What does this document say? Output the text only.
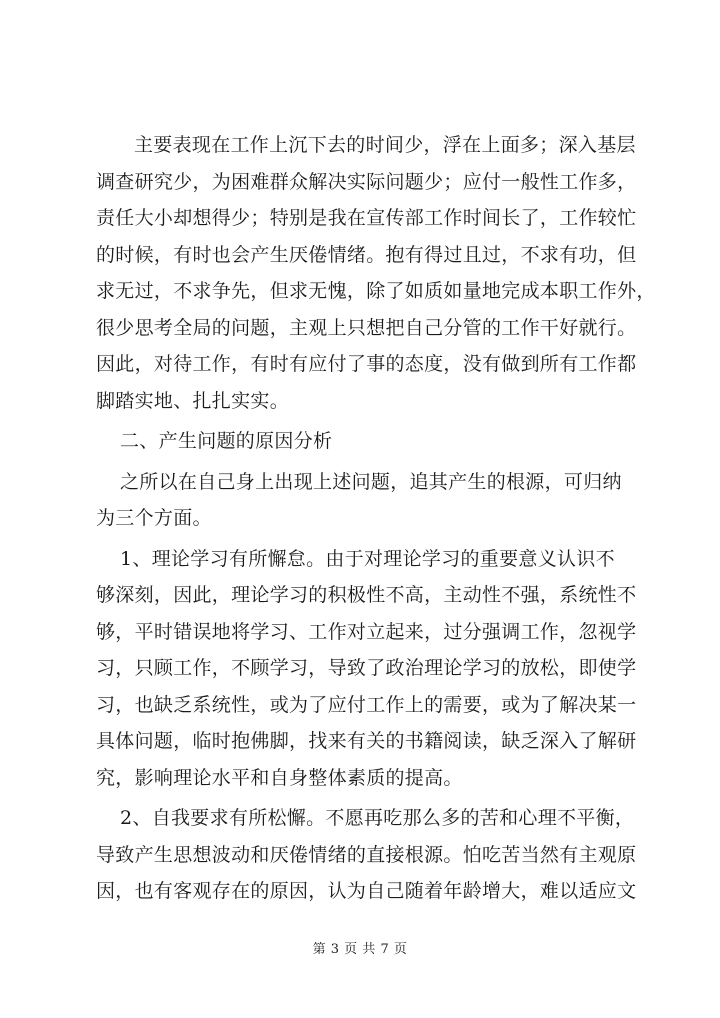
主要表现在工作上沉下去的时间少，浮在上面多；深入基层
调查研究少，为困难群众解决实际问题少；应付一般性工作多，
责任大小却想得少；特别是我在宣传部工作时间长了，工作较忙
的时候，有时也会产生厌倦情绪。抱有得过且过，不求有功，但
求无过，不求争先，但求无愧，除了如质如量地完成本职工作外，
很少思考全局的问题，主观上只想把自己分管的工作干好就行。
因此，对待工作，有时有应付了事的态度，没有做到所有工作都
脚踏实地、扎扎实实。
二、产生问题的原因分析
之所以在自己身上出现上述问题，追其产生的根源，可归纳
为三个方面。
1、理论学习有所懈怠。由于对理论学习的重要意义认识不
够深刻，因此，理论学习的积极性不高，主动性不强，系统性不
够，平时错误地将学习、工作对立起来，过分强调工作，忽视学
习，只顾工作，不顾学习，导致了政治理论学习的放松，即使学
习，也缺乏系统性，或为了应付工作上的需要，或为了解决某一
具体问题，临时抱佛脚，找来有关的书籍阅读，缺乏深入了解研
究，影响理论水平和自身整体素质的提高。
2、自我要求有所松懈。不愿再吃那么多的苦和心理不平衡，
导致产生思想波动和厌倦情绪的直接根源。怕吃苦当然有主观原
因，也有客观存在的原因，认为自己随着年龄增大，难以适应文
第 3 页 共 7 页
